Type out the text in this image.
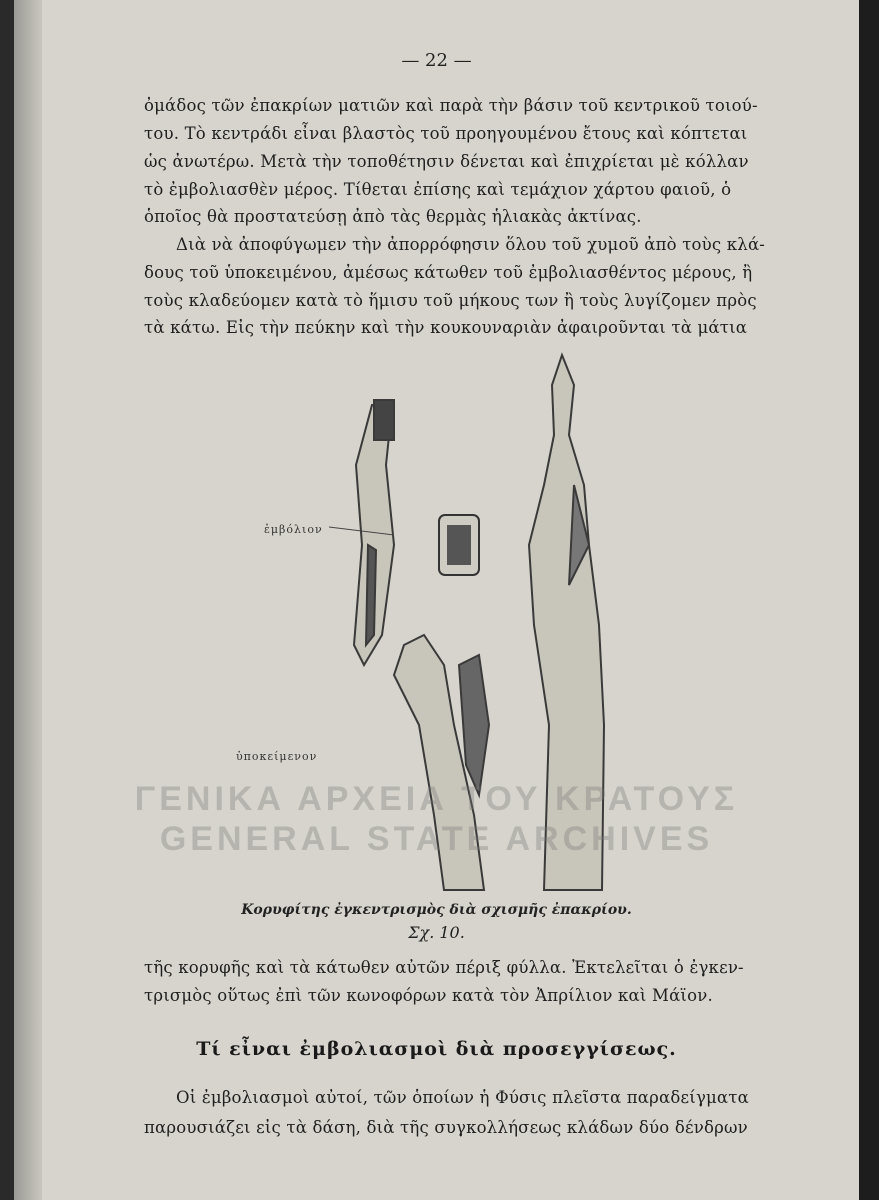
— 22 —
ὀμάδος τῶν ἐπακρίων ματιῶν καὶ παρὰ τὴν βάσιν τοῦ κεντρικοῦ τοιού-
του. Τὸ κεντράδι εἶναι βλαστὸς τοῦ προηγουμένου ἔτους καὶ κόπτεται
ὡς ἀνωτέρω. Μετὰ τὴν τοποθέτησιν δένεται καὶ ἐπιχρίεται μὲ κόλλαν
τὸ ἐμβολιασθὲν μέρος. Τίθεται ἐπίσης καὶ τεμάχιον χάρτου φαιοῦ, ὁ
ὁποῖος θὰ προστατεύσῃ ἀπὸ τὰς θερμὰς ἡλιακὰς ἀκτίνας.
Διὰ νὰ ἀποφύγωμεν τὴν ἀπορρόφησιν ὅλου τοῦ χυμοῦ ἀπὸ τοὺς κλά-
δους τοῦ ὑποκειμένου, ἀμέσως κάτωθεν τοῦ ἐμβολιασθέντος μέρους, ἢ
τοὺς κλαδεύομεν κατὰ τὸ ἥμισυ τοῦ μήκους των ἢ τοὺς λυγίζομεν πρὸς
τὰ κάτω. Εἰς τὴν πεύκην καὶ τὴν κουκουναριὰν ἀφαιροῦνται τὰ μάτια
ἐμβόλιον
ὑποκείμενον
ΓΕΝΙΚΑ ΑΡΧΕΙΑ ΤΟΥ ΚΡΑΤΟΥΣ
GENERAL STATE ARCHIVES
Κορυφίτης ἐγκεντρισμὸς διὰ σχισμῆς ἐπακρίου.
Σχ. 10.
τῆς κορυφῆς καὶ τὰ κάτωθεν αὐτῶν πέριξ φύλλα. Ἐκτελεῖται ὁ ἐγκεν-
τρισμὸς οὕτως ἐπὶ τῶν κωνοφόρων κατὰ τὸν Ἀπρίλιον καὶ Μάϊον.
Τί εἶναι ἐμβολιασμοὶ διὰ προσεγγίσεως.
Οἱ ἐμβολιασμοὶ αὐτοί, τῶν ὁποίων ἡ Φύσις πλεῖστα παραδείγματα
παρουσιάζει εἰς τὰ δάση, διὰ τῆς συγκολλήσεως κλάδων δύο δένδρων
